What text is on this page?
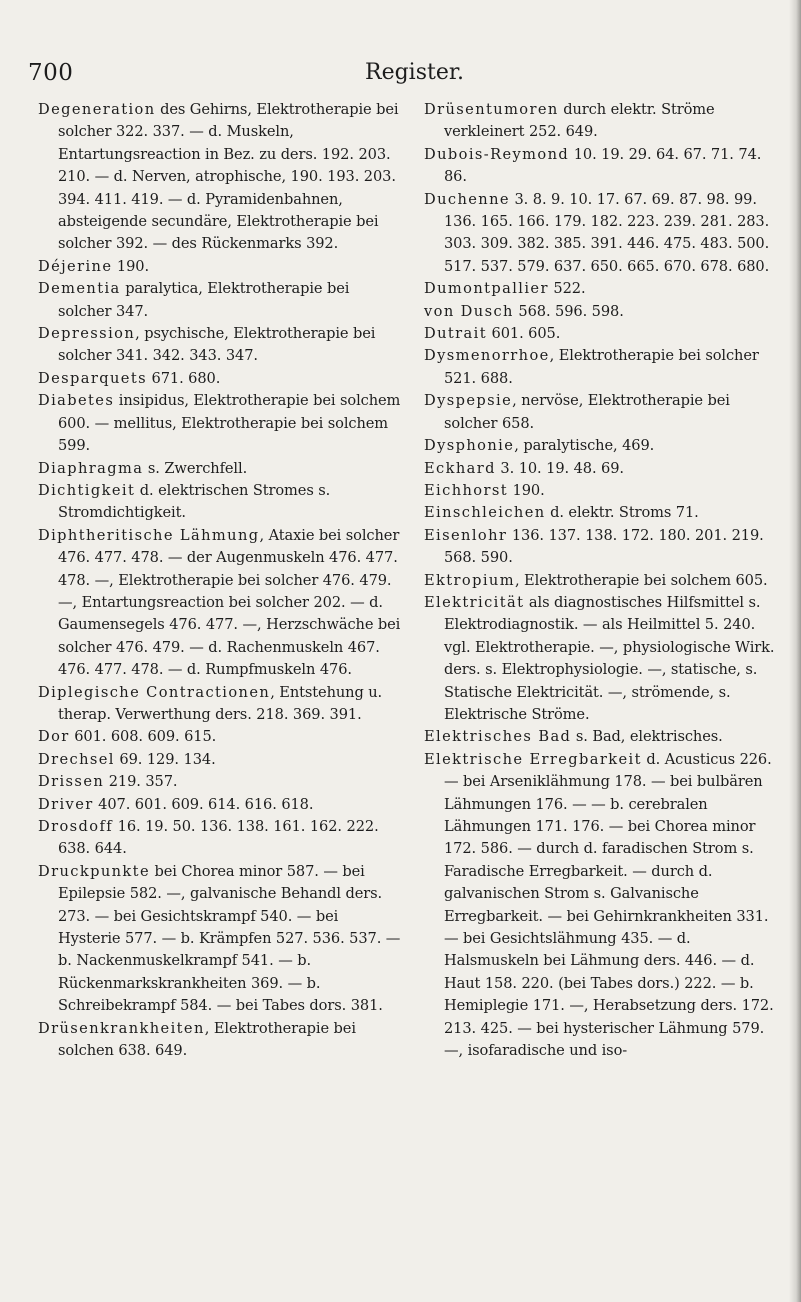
700	Register.

Degeneration des Gehirns, Elektrotherapie bei solcher 322. 337. — d. Muskeln, Entartungsreaction in Bez. zu ders. 192. 203. 210. — d. Nerven, atrophische, 190. 193. 203. 394. 411. 419. — d. Pyramidenbahnen, absteigende secundäre, Elektrotherapie bei solcher 392. — des Rückenmarks 392.

Déjerine 190.

Dementia paralytica, Elektrotherapie bei solcher 347.

Depression, psychische, Elektrotherapie bei solcher 341. 342. 343. 347.

Desparquets 671. 680.

Diabetes insipidus, Elektrotherapie bei solchem 600. — mellitus, Elektrotherapie bei solchem 599.

Diaphragma s. Zwerchfell.

Dichtigkeit d. elektrischen Stromes s. Stromdichtigkeit.

Diphtheritische Lähmung, Ataxie bei solcher 476. 477. 478. — der Augenmuskeln 476. 477. 478. —, Elektrotherapie bei solcher 476. 479. —, Entartungsreaction bei solcher 202. — d. Gaumensegels 476. 477. —, Herzschwäche bei solcher 476. 479. — d. Rachenmuskeln 467. 476. 477. 478. — d. Rumpfmuskeln 476.

Diplegische Contractionen, Entstehung u. therap. Verwerthung ders. 218. 369. 391.

Dor 601. 608. 609. 615.

Drechsel 69. 129. 134.

Drissen 219. 357.

Driver 407. 601. 609. 614. 616. 618.

Drosdoff 16. 19. 50. 136. 138. 161. 162. 222. 638. 644.

Druckpunkte bei Chorea minor 587. — bei Epilepsie 582. —, galvanische Behandl ders. 273. — bei Gesichtskrampf 540. — bei Hysterie 577. — b. Krämpfen 527. 536. 537. — b. Nackenmuskelkrampf 541. — b. Rückenmarkskrankheiten 369. — b. Schreibekrampf 584. — bei Tabes dors. 381.

Drüsenkrankheiten, Elektrotherapie bei solchen 638. 649.

Drüsentumoren durch elektr. Ströme verkleinert 252. 649.

Dubois-Reymond 10. 19. 29. 64. 67. 71. 74. 86.

Duchenne 3. 8. 9. 10. 17. 67. 69. 87. 98. 99. 136. 165. 166. 179. 182. 223. 239. 281. 283. 303. 309. 382. 385. 391. 446. 475. 483. 500. 517. 537. 579. 637. 650. 665. 670. 678. 680.

Dumontpallier 522.

von Dusch 568. 596. 598.

Dutrait 601. 605.

Dysmenorrhoe, Elektrotherapie bei solcher 521. 688.

Dyspepsie, nervöse, Elektrotherapie bei solcher 658.

Dysphonie, paralytische, 469.

Eckhard 3. 10. 19. 48. 69.

Eichhorst 190.

Einschleichen d. elektr. Stroms 71.

Eisenlohr 136. 137. 138. 172. 180. 201. 219. 568. 590.

Ektropium, Elektrotherapie bei solchem 605.

Elektricität als diagnostisches Hilfsmittel s. Elektrodiagnostik. — als Heilmittel 5. 240. vgl. Elektrotherapie. —, physiologische Wirk. ders. s. Elektrophysiologie. —, statische, s. Statische Elektricität. —, strömende, s. Elektrische Ströme.

Elektrisches Bad s. Bad, elektrisches.

Elektrische Erregbarkeit d. Acusticus 226. — bei Arseniklähmung 178. — bei bulbären Lähmungen 176. — — b. cerebralen Lähmungen 171. 176. — bei Chorea minor 172. 586. — durch d. faradischen Strom s. Faradische Erregbarkeit. — durch d. galvanischen Strom s. Galvanische Erregbarkeit. — bei Gehirnkrankheiten 331. — bei Gesichtslähmung 435. — d. Halsmuskeln bei Lähmung ders. 446. — d. Haut 158. 220. (bei Tabes dors.) 222. — b. Hemiplegie 171. —, Herabsetzung ders. 172. 213. 425. — bei hysterischer Lähmung 579. —, isofaradische und iso-
